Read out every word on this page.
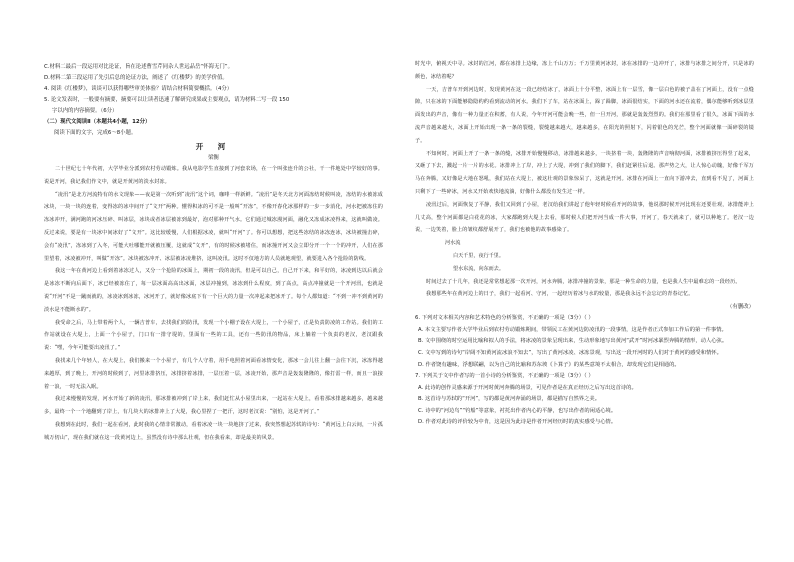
C.材料二最后一段运用对比论证，旨在论述曹雪芹同杂人世远品岳“怀海无门”。
D.材料二第三段运用了先引后总的论证方法，阐述了《红楼梦》的美学价值。
4. 阅读《红楼梦》，谈谈可以获得哪些审美体验？请结合材料简要概括。（4分）
5. 论文发表时，一般要有摘要，摘要可以让读者迅速了解研究成果或主要观点，请为材料二写一段 150
字以内的内容摘要。（6分）
（二）现代文阅读Ⅱ（本题共4小题，12分）
阅读下面的文字，完成6～8小题。
开 河
梁衡
二十世纪七十年代初，大学毕业分派到农村劳动锻炼。我从电影学生直接到了河套农场，在一个叫张连升的公社，干一件地处中学较好的事。说是开河，我记我们作文中，就是开黄河的淡水封冻。
“凌汛”是北方河流特有的水文现象——夜是第一次听到“凌汛”这个词，咖啡一样新鲜。“凌汛”是冬天北方河面冻结时候叫凌，冻结的水被冻成冰块，一块一块的连着，变得冻的冰中间开了“文开”两种。懂得积冰的可不是一般叫“开冻”，不像开春化冰那样的一步一步消化，河水把被冻住的冻冰冲开，满河跑的河冰压碎、叫冰层，冰块或者冰层被冻到最好，泡对那种开气水。它们通过城冻漫河面，融化又冻成冰凌得来，这就叫做凌。反过来说，要是有一块冰中间冰好了“文开”。这比较缓慢，人们根据冰凌，就叫“开河”了。你可以想想，把这些冻结的冰冻连冰，冰块被撞击碎，会有“凌汛”，冻冰到了入冬，可能大吐哪能开就被压覆，这就成“文开”，有的时候冰被堵住，而冰撞开河又会立即分开一个一个的冲开，人们在那里望着，冰凌被冲开，叫做“开冻”。冰块被冻冲开、冰层被冰凌堆挤，这叫凌汛。这时不仅地方的人员就地观望，就要进入各个抢险的防线。
我这一年在黄河边上看到着冰冻过人，又分一个抢险的冰面上，期初一段的凌汛，但是可以自己，自己开下来，和平好的，冰凌到达以后就会是冰冻不断向后面下，冰已经被冻住了，每一层冰面高高出冰面，冰层冲撞到，冰冻到什么程度，到了高点，高点冲撞就是一个开河汛，也就是说“开河”不是一蹴而就的，冰凌冰到冰冻，冰河开了，就好像冰底下有一个巨大的力量一次冲起来把冰开了。每个人都知道：“不到一冲不到黄河的淡水是不能断水的”。
我受命之后，马上带着两个人，一辆吉普车，去找我们的防汛，发现一个小棚子设在大堤上，一个小屋子，正是负责防凌的工作站。我们的工作站就设在大堤上，上面一个小屋子，门口有一排守堤的，里面有一些的工具，还有一些防汛的物品，床上躺着一个负责的老汉，老汉跟我说：“嘿，今年可能要出凌汛了。”
我找来几个年轻人，在大堤上，我们搬来一个小屋子，有几个人守着，用手电照着河面看冰情变化，那冰一会儿往上翻一会往下沉，冰冻得越来越厚，到了晚上，开河的时候到了，河里冰排挤压，冰排挤着冰排，一层压着一层，冰凌开始，那声音是轰轰隆隆的，像打雷一样，而且一浪接着一浪，一时无法入眠。
我过来慢慢的发现，河水开始了新的凌汛，那冰排被冲到了岸上来，我们赶忙从小屋里出来，一起站在大堤上，看着那冰排越来越多，越来越多，最终一个一个地翻到了岸上，有几块大的冰排冲上了大堤，我心里捏了一把汗，这时老汉说：“别怕，这是开河了。”
我想到在此时，我们一起在看河，此时我的心情非常激动，看着冰凌一块一块地挤了过来，我突然想起苏轼的诗句：“黄河远上白云间，一片孤城万仞山”，现在我们就在这一段黄河边上，虽然没有诗中那么壮观，但在我看来，却是最美的风景。
时光中，俯视天中寻。冰封的江河，都在冰排上边缘，冻上千山万万；千万里黄河冰封，冰在冰排的一边冲开了，冰排与冰排之间分开，只是冰的颜色，冰结着呢？
一天，吉普车开到河边时，发现黄河在这一段已经结冰了，冰面上十分平整，冰面上有一层雪，像一层白色的被子盖在了河面上，没有一点缝隙，只在冰的下面能够隐隐约约看到流动的河水。我们下了车，站在冰面上，跺了跺脚，冰面很结实，下面的河水还在流着，偶尔能够听到冰层里面发出的声音，像有一种力量正在积蓄，有人说，今年开河可能会晚一些，但一旦开河，那就是轰轰烈烈的。我们在那里看了很久，冰面下面的水流声音越来越大，冰面上开始出现一条一条的裂缝，裂缝越来越大，越来越多，在阳光的照射下，闪着银色的光芒，整个河面就像一面碎裂的镜子。
不知何时，河面上开了一条一条的缝，冰排开始慢慢移动，冰排越来越多，一块挤着一块，轰隆隆的声音响彻河面，冰排被挤压得竖了起来，又砸了下去，溅起一片一片的水花。冰排冲上了岸，冲上了大堤，冲到了我们的脚下，我们赶紧往后退。那声势之大，让人惊心动魄，好像千军万马在奔腾，又好像是大地在怒吼，我们站在大堤上，被这壮观的景象惊呆了，这就是开河。冰排在河面上一直向下游冲去，直到看不见了，河面上只剩下了一些碎冰，河水又开始欢快地流淌，好像什么都没有发生过一样。
凌汛过后，河面恢复了平静，我们又回到了小屋，老汉给我们讲起了他年轻时候看开河的故事，他说那时候开河比现在还要壮观，冰排能冲上几丈高，整个河面都是白花花的冰，大家都跑到大堤上去看，那时候人们把开河当成一件大事，开河了，春天就来了，就可以种地了。老汉一边说，一边笑着，脸上的皱纹都舒展开了，我们也被他的故事感染了。
河水流
白天千里，夜行千里。
望水东流，向东而去。
时间过去了十几年，我还是常常想起那一次开河，河水奔腾，冰排冲撞的景象，那是一种生命的力量，也是我人生中最难忘的一段经历。
我想那些年在黄河边上的日子，我们一起看河、守河，一起经历着冰与水的较量，那是我永远不会忘记的青春记忆。
（有删改）
6. 下列对文本相关内容和艺术特色的分析鉴赏，不正确的一项是（3分）（ ）
A. 本文主要写作者大学毕业后到农村劳动锻炼期间，带领民工在黄河边防凌汛的一段事情，这是作者正式参加工作后的第一件事情。
B. 文中围绕的时空运用比喻和拟人的手法，将冰凌的景象呈现出来，生动形象地写出黄河“武开”时河冰暴烈奔腾的情形，动人心弦。
C. 文中写到的诗句“岸阔不知黄河流冰浪不知去”，写出了黄河冰凌、冰冻景观，写出这一段开河时的人们对于黄河的感受和情怀。
D. 作者饶有趣味，浮想联翩，以为自己的比喻和苏东坡《卜算子》的某些意境不太相合，却发现它们是相通的。
7. 下列关于文中作者写的一首小诗的分析鉴赏，不正确的一项是（3分）（ ）
A. 此诗的创作灵感来源于开河时黄河奔腾的场景，可见作者是在真正经历之后写出这首诗的。
B. 这首诗与苏轼的“开河”，写的都是黄河奔涌的场景，都是描写自然界之美。
C. 诗中的“河边鸟”“钓船”等意象，衬托出作者内心的平静，也写出作者的闲适心境。
D. 作者对此诗的评价较为中肯，这是因为此诗是作者开河经历时的真实感受与心情。
